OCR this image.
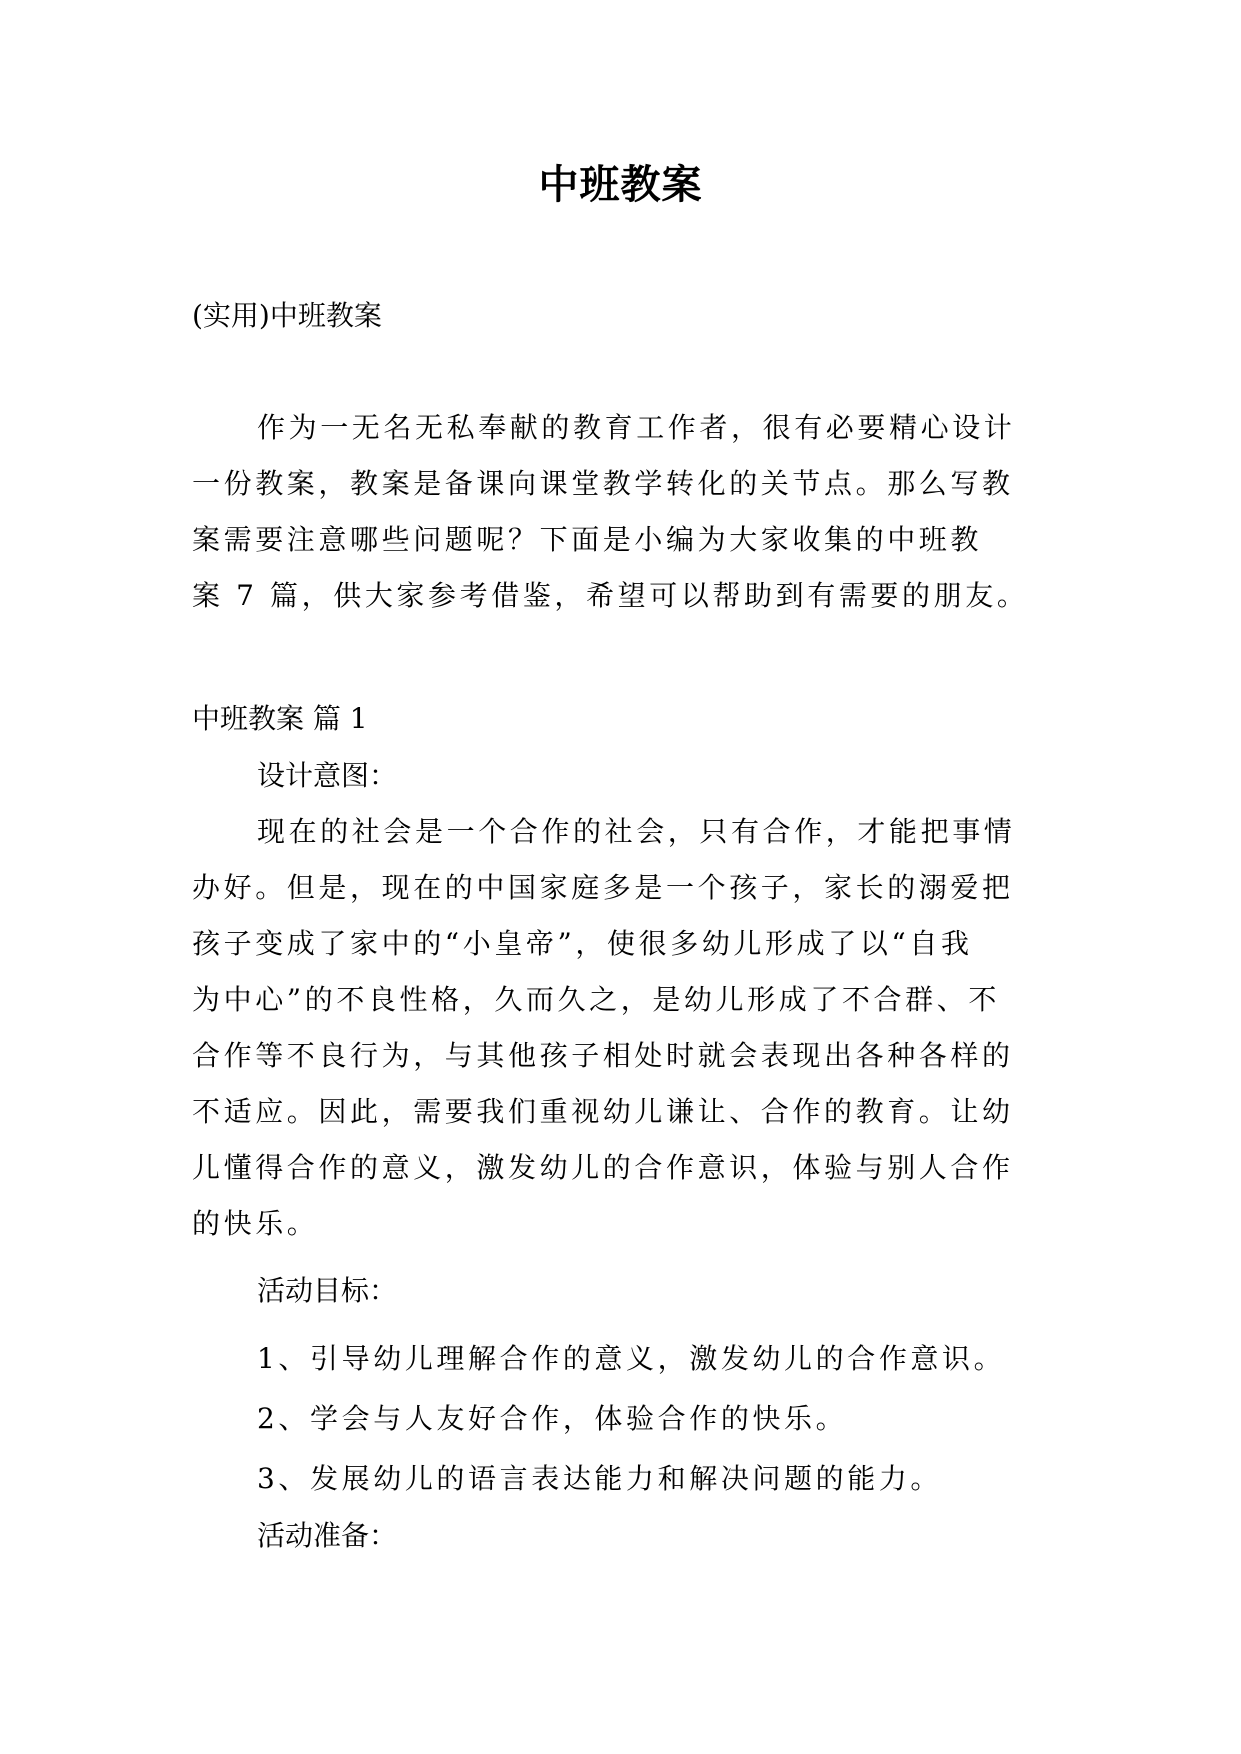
中班教案
(实用)中班教案
作为一无名无私奉献的教育工作者，很有必要精心设计
一份教案，教案是备课向课堂教学转化的关节点。那么写教
案需要注意哪些问题呢？下面是小编为大家收集的中班教
案 7 篇，供大家参考借鉴，希望可以帮助到有需要的朋友。
中班教案 篇 1
设计意图：
现在的社会是一个合作的社会，只有合作，才能把事情
办好。但是，现在的中国家庭多是一个孩子，家长的溺爱把
孩子变成了家中的“小皇帝”，使很多幼儿形成了以“自我
为中心”的不良性格，久而久之，是幼儿形成了不合群、不
合作等不良行为，与其他孩子相处时就会表现出各种各样的
不适应。因此，需要我们重视幼儿谦让、合作的教育。让幼
儿懂得合作的意义，激发幼儿的合作意识，体验与别人合作
的快乐。
活动目标：
1、引导幼儿理解合作的意义，激发幼儿的合作意识。
2、学会与人友好合作，体验合作的快乐。
3、发展幼儿的语言表达能力和解决问题的能力。
活动准备：
